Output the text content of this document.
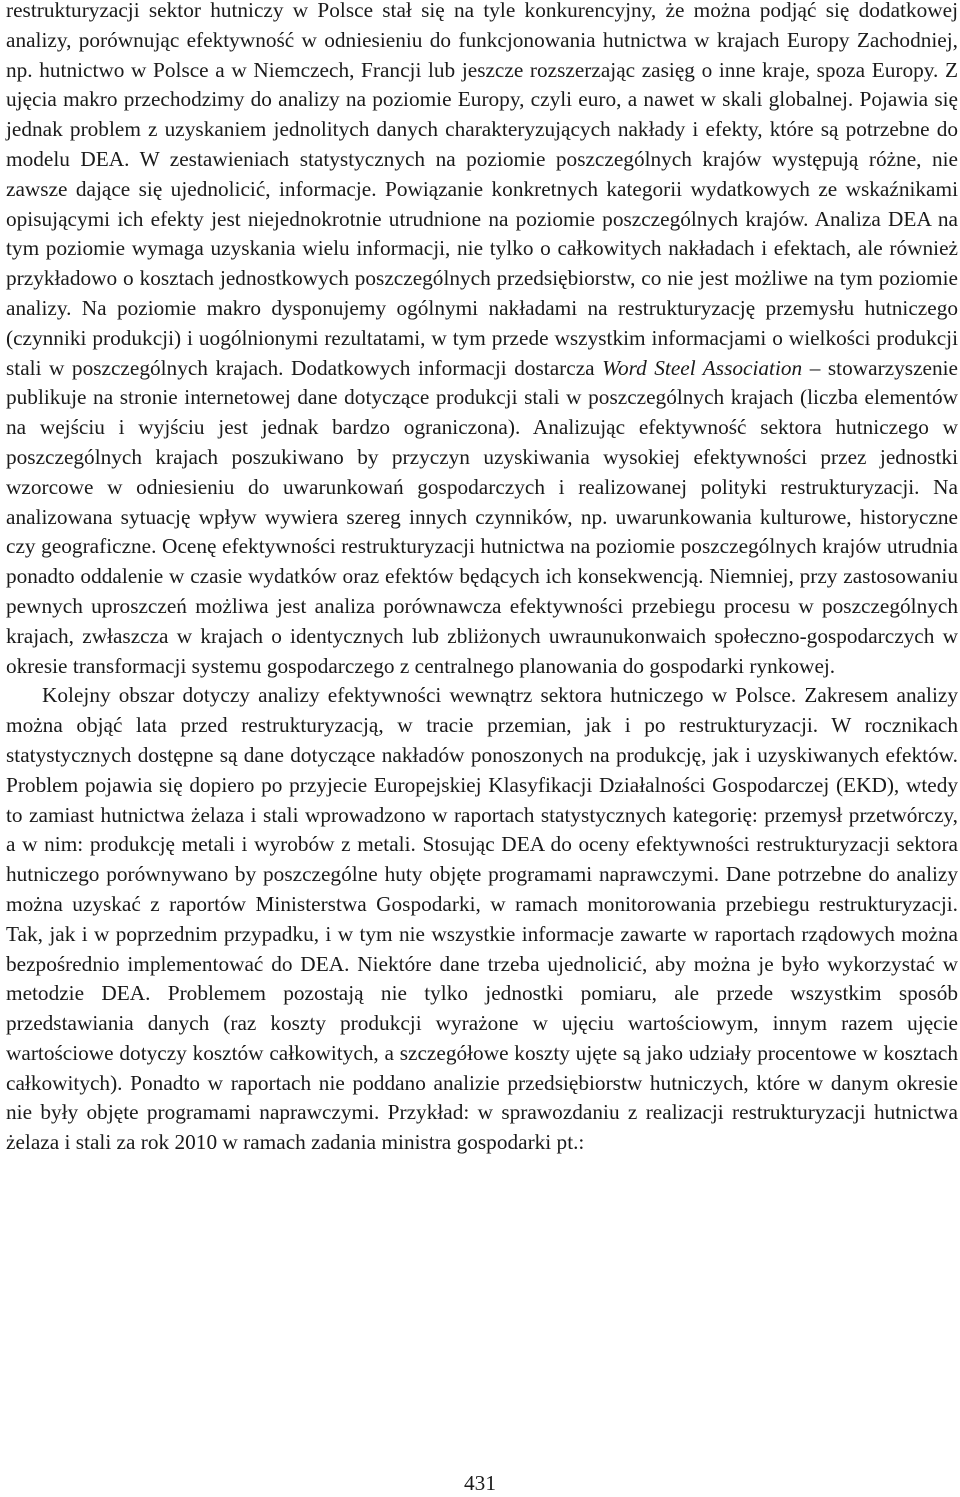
restrukturyzacji sektor hutniczy w Polsce stał się na tyle konkurencyjny, że można podjąć się dodatkowej analizy, porównując efektywność w odniesieniu do funkcjonowania hutnictwa w krajach Europy Zachodniej, np. hutnictwo w Polsce a w Niemczech, Francji lub jeszcze rozszerzając zasięg o inne kraje, spoza Europy. Z ujęcia makro przechodzimy do analizy na poziomie Europy, czyli euro, a nawet w skali globalnej. Pojawia się jednak problem z uzyskaniem jednolitych danych charakteryzujących nakłady i efekty, które są potrzebne do modelu DEA. W zestawieniach statystycznych na poziomie poszczególnych krajów występują różne, nie zawsze dające się ujednolicić, informacje. Powiązanie konkretnych kategorii wydatkowych ze wskaźnikami opisującymi ich efekty jest niejednokrotnie utrudnione na poziomie poszczególnych krajów. Analiza DEA na tym poziomie wymaga uzyskania wielu informacji, nie tylko o całkowitych nakładach i efektach, ale również przykładowo o kosztach jednostkowych poszczególnych przedsiębiorstw, co nie jest możliwe na tym poziomie analizy. Na poziomie makro dysponujemy ogólnymi nakładami na restrukturyzację przemysłu hutniczego (czynniki produkcji) i uogólnionymi rezultatami, w tym przede wszystkim informacjami o wielkości produkcji stali w poszczególnych krajach. Dodatkowych informacji dostarcza Word Steel Association – stowarzyszenie publikuje na stronie internetowej dane dotyczące produkcji stali w poszczególnych krajach (liczba elementów na wejściu i wyjściu jest jednak bardzo ograniczona). Analizując efektywność sektora hutniczego w poszczególnych krajach poszukiwano by przyczyn uzyskiwania wysokiej efektywności przez jednostki wzorcowe w odniesieniu do uwarunkowań gospodarczych i realizowanej polityki restrukturyzacji. Na analizowana sytuację wpływ wywiera szereg innych czynników, np. uwarunkowania kulturowe, historyczne czy geograficzne. Ocenę efektywności restrukturyzacji hutnictwa na poziomie poszczególnych krajów utrudnia ponadto oddalenie w czasie wydatków oraz efektów będących ich konsekwencją. Niemniej, przy zastosowaniu pewnych uproszczeń możliwa jest analiza porównawcza efektywności przebiegu procesu w poszczególnych krajach, zwłaszcza w krajach o identycznych lub zbliżonych uwraunukonwaich społeczno-gospodarczych w okresie transformacji systemu gospodarczego z centralnego planowania do gospodarki rynkowej.

Kolejny obszar dotyczy analizy efektywności wewnątrz sektora hutniczego w Polsce. Zakresem analizy można objąć lata przed restrukturyzacją, w tracie przemian, jak i po restrukturyzacji. W rocznikach statystycznych dostępne są dane dotyczące nakładów ponoszonych na produkcję, jak i uzyskiwanych efektów. Problem pojawia się dopiero po przyjecie Europejskiej Klasyfikacji Działalności Gospodarczej (EKD), wtedy to zamiast hutnictwa żelaza i stali wprowadzono w raportach statystycznych kategorię: przemysł przetwórczy, a w nim: produkcję metali i wyrobów z metali. Stosując DEA do oceny efektywności restrukturyzacji sektora hutniczego porównywano by poszczególne huty objęte programami naprawczymi. Dane potrzebne do analizy można uzyskać z raportów Ministerstwa Gospodarki, w ramach monitorowania przebiegu restrukturyzacji. Tak, jak i w poprzednim przypadku, i w tym nie wszystkie informacje zawarte w raportach rządowych można bezpośrednio implementować do DEA. Niektóre dane trzeba ujednolicić, aby można je było wykorzystać w metodzie DEA. Problemem pozostają nie tylko jednostki pomiaru, ale przede wszystkim sposób przedstawiania danych (raz koszty produkcji wyrażone w ujęciu wartościowym, innym razem ujęcie wartościowe dotyczy kosztów całkowitych, a szczegółowe koszty ujęte są jako udziały procentowe w kosztach całkowitych). Ponadto w raportach nie poddano analizie przedsiębiorstw hutniczych, które w danym okresie nie były objęte programami naprawczymi. Przykład: w sprawozdaniu z realizacji restrukturyzacji hutnictwa żelaza i stali za rok 2010 w ramach zadania ministra gospodarki pt.:

431
